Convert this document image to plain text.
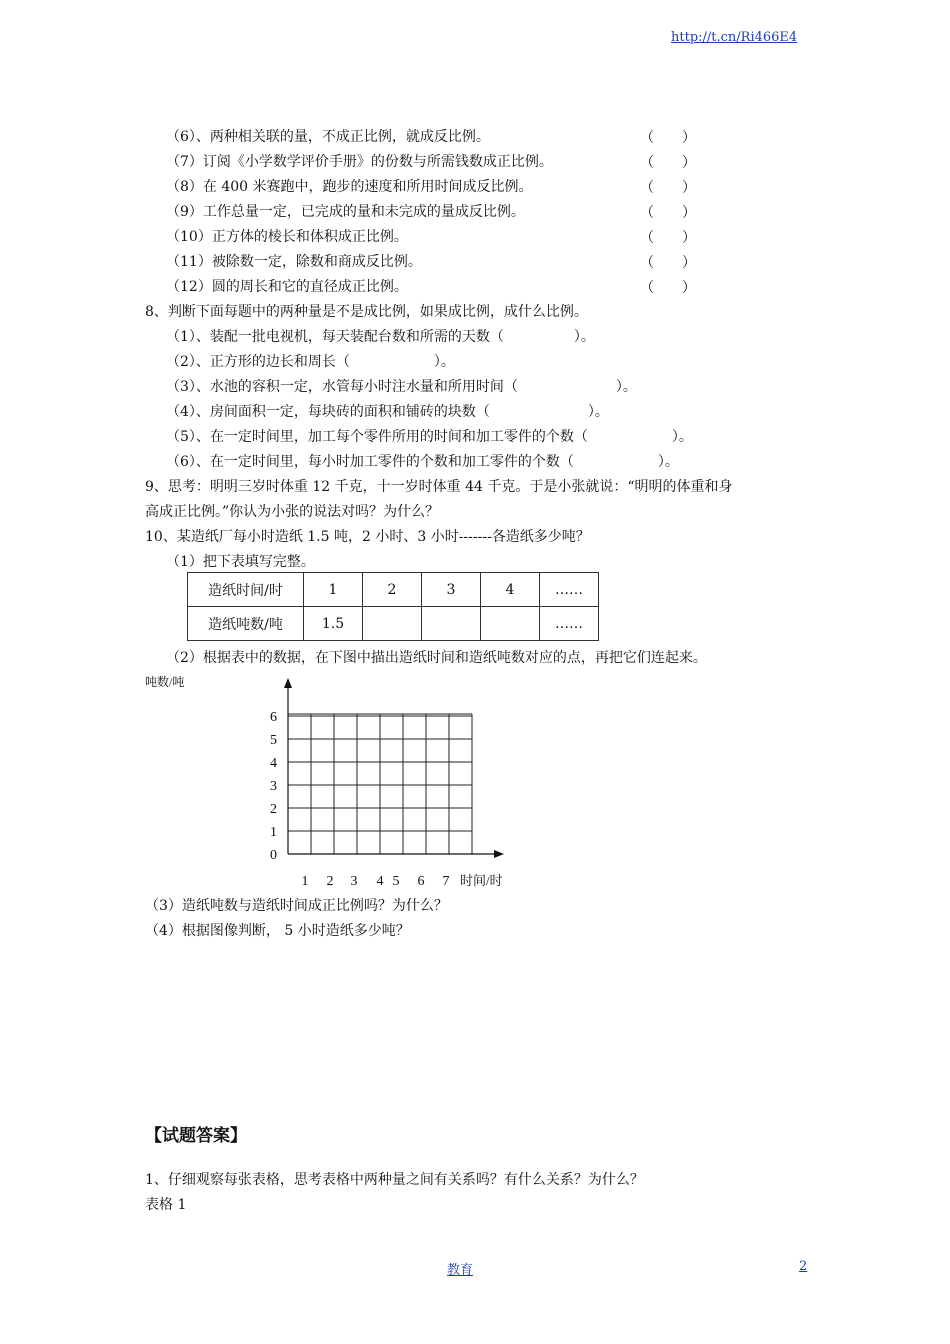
http://t.cn/Ri466E4
（6）、两种相关联的量，不成正比例，就成反比例。	（　　）
（7）订阅《小学数学评价手册》的份数与所需钱数成正比例。	（　　）
（8）在 400 米赛跑中，跑步的速度和所用时间成反比例。	（　　）
（9）工作总量一定，已完成的量和未完成的量成反比例。	（　　）
（10）正方体的棱长和体积成正比例。	（　　）
（11）被除数一定，除数和商成反比例。	（　　）
（12）圆的周长和它的直径成正比例。	（　　）
8、判断下面每题中的两种量是不是成比例，如果成比例，成什么比例。
（1）、装配一批电视机，每天装配台数和所需的天数（　　　　　）。
（2）、正方形的边长和周长（　　　　　　）。
（3）、水池的容积一定，水管每小时注水量和所用时间（　　　　　　　）。
（4）、房间面积一定，每块砖的面积和铺砖的块数（　　　　　　　）。
（5）、在一定时间里，加工每个零件所用的时间和加工零件的个数（　　　　　　）。
（6）、在一定时间里，每小时加工零件的个数和加工零件的个数（　　　　　　）。
9、思考：明明三岁时体重 12 千克，十一岁时体重 44 千克。于是小张就说：“明明的体重和身
高成正比例。”你认为小张的说法对吗？为什么？
10、某造纸厂每小时造纸 1.5 吨，2 小时、3 小时-------各造纸多少吨？
（1）把下表填写完整。
造纸时间/时	1	2	3	4	……
造纸吨数/吨	1.5				……
（2）根据表中的数据，在下图中描出造纸时间和造纸吨数对应的点，再把它们连起来。
吨数/吨
时间/时
1 2 3 4 5 6 7
0
1
2
3
4
5
6
（3）造纸吨数与造纸时间成正比例吗？为什么？
（4）根据图像判断， 5 小时造纸多少吨？
【试题答案】
1、仔细观察每张表格，思考表格中两种量之间有关系吗？有什么关系？为什么？
表格 1
教育	2
